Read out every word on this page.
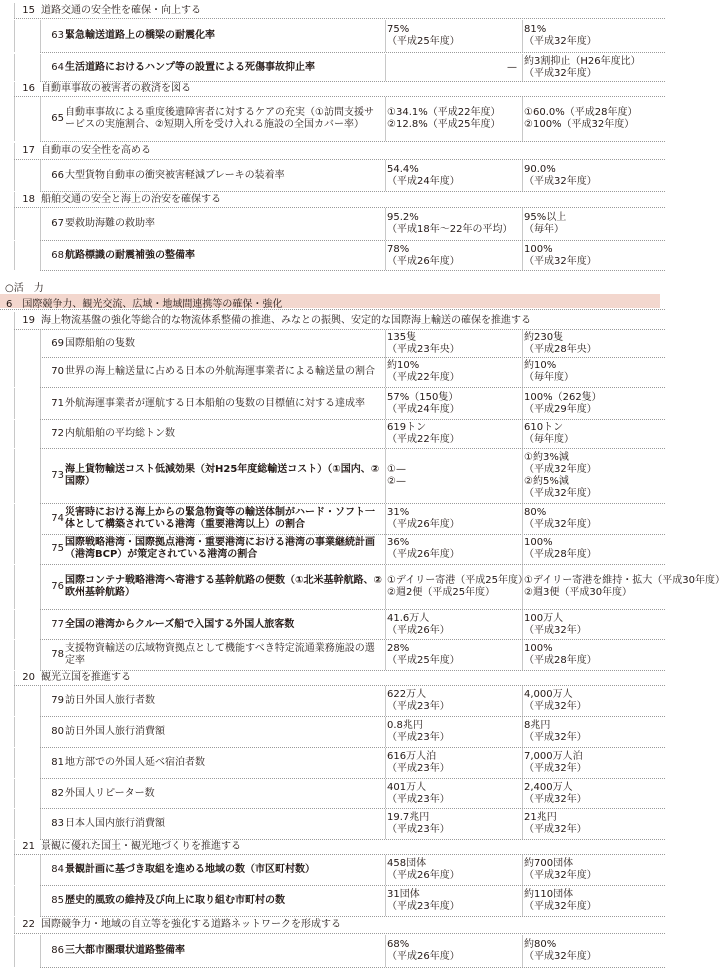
15 道路交通の安全性を確保・向上する
63 緊急輸送道路上の橋梁の耐震化率
75%
（平成25年度）
81%
（平成32年度）
64 生活道路におけるハンプ等の設置による死傷事故抑止率	—
約3割抑止（H26年度比）
（平成32年度）
16 自動車事故の被害者の救済を図る
65
自動車事故による重度後遺障害者に対するケアの充実（①訪問支援サービスの実施割合、②短期入所を受け入れる施設の全国カバー率）
①34.1%（平成22年度）
②12.8%（平成25年度）
①60.0%（平成28年度）
②100%（平成32年度）
17 自動車の安全性を高める
66 大型貨物自動車の衝突被害軽減ブレーキの装着率
54.4%
（平成24年度）
90.0%
（平成32年度）
18 船舶交通の安全と海上の治安を確保する
67 要救助海難の救助率
95.2%
（平成18年〜22年の平均）
95%以上
（毎年）
68 航路標識の耐震補強の整備率
78%
（平成26年度）
100%
（平成32年度）
○活　力
6　国際競争力、観光交流、広域・地域間連携等の確保・強化
19 海上物流基盤の強化等総合的な物流体系整備の推進、みなとの振興、安定的な国際海上輸送の確保を推進する
69 国際船舶の隻数
135隻
（平成23年央）
約230隻
（平成28年央）
70 世界の海上輸送量に占める日本の外航海運事業者による輸送量の割合
約10%
（平成22年度）
約10%
（毎年度）
71 外航海運事業者が運航する日本船舶の隻数の目標値に対する達成率
57%（150隻）
（平成24年度）
100%（262隻）
（平成29年度）
72 内航船舶の平均総トン数
619トン
（平成22年度）
610トン
（毎年度）
73
海上貨物輸送コスト低減効果（対H25年度総輸送コスト）（①国内、②国際）
①—
②—
①約3%減
（平成32年度）
②約5%減
（平成32年度）
74
災害時における海上からの緊急物資等の輸送体制がハード・ソフト一体として構築されている港湾（重要港湾以上）の割合
31%
（平成26年度）
80%
（平成32年度）
75
国際戦略港湾・国際拠点港湾・重要港湾における港湾の事業継続計画（港湾BCP）が策定されている港湾の割合
36%
（平成26年度）
100%
（平成28年度）
76
国際コンテナ戦略港湾へ寄港する基幹航路の便数（①北米基幹航路、②欧州基幹航路）
①デイリー寄港（平成25年度）
②週2便（平成25年度）
①デイリー寄港を維持・拡大（平成30年度）
②週3便（平成30年度）
77 全国の港湾からクルーズ船で入国する外国人旅客数
41.6万人
（平成26年）
100万人
（平成32年）
78
支援物資輸送の広域物資拠点として機能すべき特定流通業務施設の選定率
28%
（平成25年度）
100%
（平成28年度）
20 観光立国を推進する
79 訪日外国人旅行者数
622万人
（平成23年）
4,000万人
（平成32年）
80 訪日外国人旅行消費額
0.8兆円
（平成23年）
8兆円
（平成32年）
81 地方部での外国人延べ宿泊者数
616万人泊
（平成23年）
7,000万人泊
（平成32年）
82 外国人リピーター数
401万人
（平成23年）
2,400万人
（平成32年）
83 日本人国内旅行消費額
19.7兆円
（平成23年）
21兆円
（平成32年）
21 景観に優れた国土・観光地づくりを推進する
84 景観計画に基づき取組を進める地域の数（市区町村数）
458団体
（平成26年度）
約700団体
（平成32年度）
85 歴史的風致の維持及び向上に取り組む市町村の数
31団体
（平成23年度）
約110団体
（平成32年度）
22 国際競争力・地域の自立等を強化する道路ネットワークを形成する
86 三大都市圏環状道路整備率
68%
（平成26年度）
約80%
（平成32年度）
